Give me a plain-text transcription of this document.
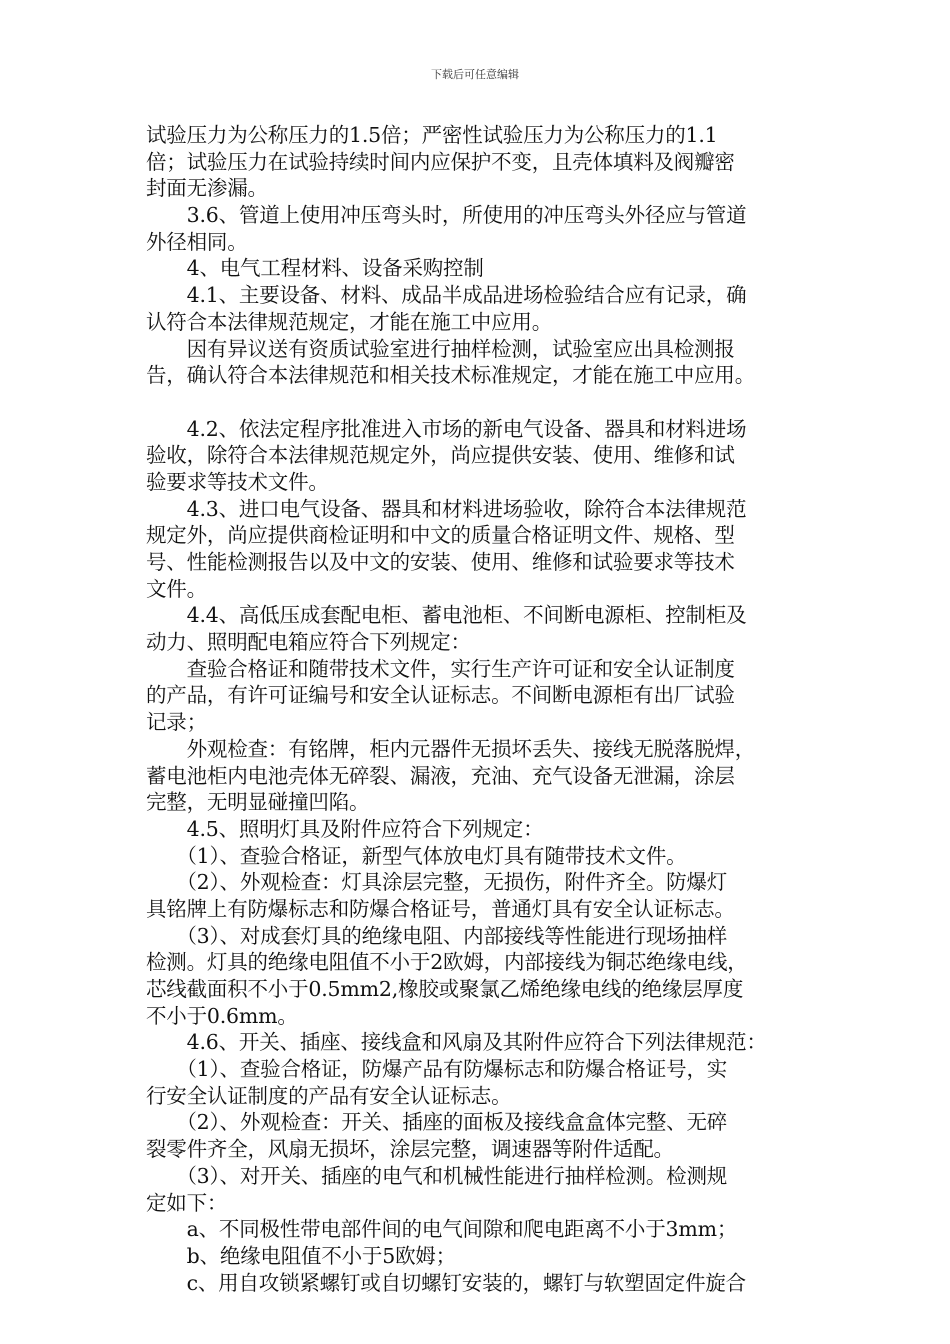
下载后可任意编辑
试验压力为公称压力的1.5倍；严密性试验压力为公称压力的1.1
倍；试验压力在试验持续时间内应保护不变，且壳体填料及阀瓣密
封面无渗漏。
　　3.6、管道上使用冲压弯头时，所使用的冲压弯头外径应与管道
外径相同。
　　4、电气工程材料、设备采购控制
　　4.1、主要设备、材料、成品半成品进场检验结合应有记录，确
认符合本法律规范规定，才能在施工中应用。
　　因有异议送有资质试验室进行抽样检测，试验室应出具检测报
告，确认符合本法律规范和相关技术标准规定，才能在施工中应用。
　　4.2、依法定程序批准进入市场的新电气设备、器具和材料进场
验收，除符合本法律规范规定外，尚应提供安装、使用、维修和试
验要求等技术文件。
　　4.3、进口电气设备、器具和材料进场验收，除符合本法律规范
规定外，尚应提供商检证明和中文的质量合格证明文件、规格、型
号、性能检测报告以及中文的安装、使用、维修和试验要求等技术
文件。
　　4.4、高低压成套配电柜、蓄电池柜、不间断电源柜、控制柜及
动力、照明配电箱应符合下列规定：
　　查验合格证和随带技术文件，实行生产许可证和安全认证制度
的产品，有许可证编号和安全认证标志。不间断电源柜有出厂试验
记录；
　　外观检查：有铭牌，柜内元器件无损坏丢失、接线无脱落脱焊，
蓄电池柜内电池壳体无碎裂、漏液，充油、充气设备无泄漏，涂层
完整，无明显碰撞凹陷。
　　4.5、照明灯具及附件应符合下列规定：
　　（1）、查验合格证，新型气体放电灯具有随带技术文件。
　　（2）、外观检查：灯具涂层完整，无损伤，附件齐全。防爆灯
具铭牌上有防爆标志和防爆合格证号，普通灯具有安全认证标志。
　　（3）、对成套灯具的绝缘电阻、内部接线等性能进行现场抽样
检测。灯具的绝缘电阻值不小于2欧姆，内部接线为铜芯绝缘电线，
芯线截面积不小于0.5mm2,橡胶或聚氯乙烯绝缘电线的绝缘层厚度
不小于0.6mm。
　　4.6、开关、插座、接线盒和风扇及其附件应符合下列法律规范：
　　（1）、查验合格证，防爆产品有防爆标志和防爆合格证号，实
行安全认证制度的产品有安全认证标志。
　　（2）、外观检查：开关、插座的面板及接线盒盒体完整、无碎
裂零件齐全，风扇无损坏，涂层完整，调速器等附件适配。
　　（3）、对开关、插座的电气和机械性能进行抽样检测。检测规
定如下：
　　a、不同极性带电部件间的电气间隙和爬电距离不小于3mm；
　　b、绝缘电阻值不小于5欧姆；
　　c、用自攻锁紧螺钉或自切螺钉安装的，螺钉与软塑固定件旋合
